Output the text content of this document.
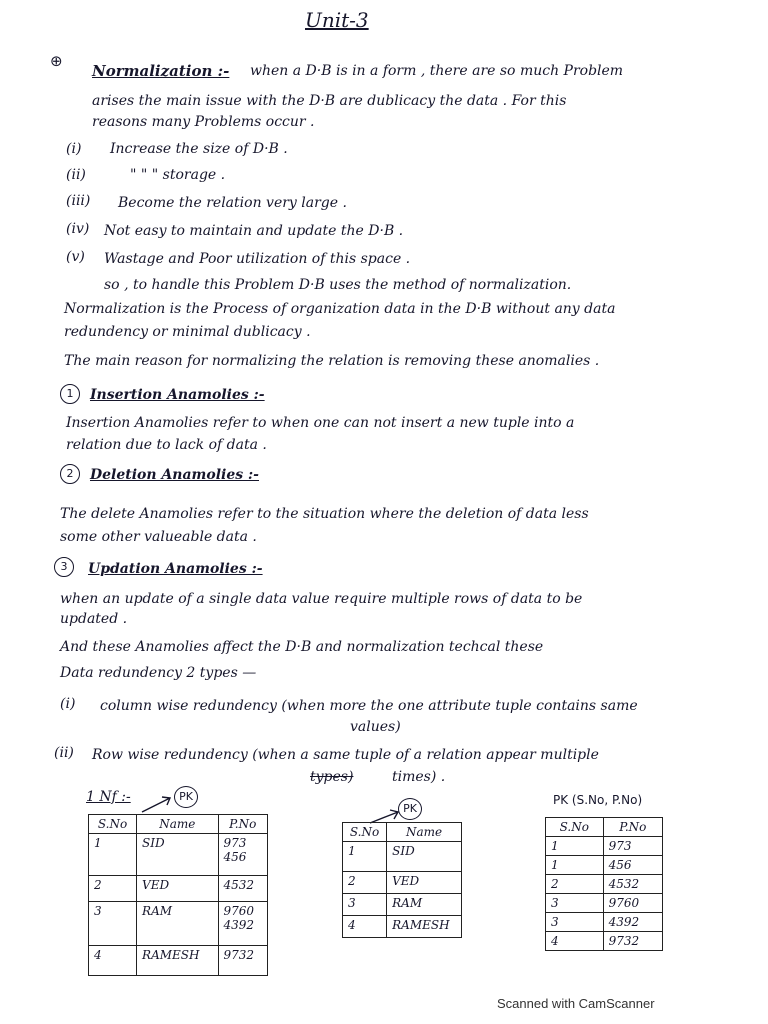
Unit-3
⊕
Normalization :- when a D·B is in a form , there are so much Problem
arises the main issue with the D·B are dublicacy the data . For this
reasons many Problems occur .
(i) Increase the size of D·B .
(ii)	" " " storage .
(iii) Become the relation very large .
(iv) Not easy to maintain and update the D·B .
(v) Wastage and Poor utilization of this space .
so , to handle this Problem D·B uses the method of normalization.
Normalization is the Process of organization data in the D·B without any data
redundency or minimal dublicacy .
The main reason for normalizing the relation is removing these anomalies .
1	Insertion Anamolies :-
Insertion Anamolies refer to when one can not insert a new tuple into a
relation due to lack of data .
2	Deletion Anamolies :-
The delete Anamolies refer to the situation where the deletion of data less
some other valueable data .
3	Updation Anamolies :-
when an update of a single data value require multiple rows of data to be
updated .
And these Anamolies affect the D·B and normalization techcal these
Data redundency 2 types —
(i) column wise redundency (when more the one attribute tuple contains same
values)
(ii) Row wise redundency (when a same tuple of a relation appear multiple
types)	times) .
1 Nf :-	PK
PK
PK (S.No, P.No)
S.No	Name	P.No
1	SID	973
456
2	VED	4532
3	RAM	9760
4392
4	RAMESH	9732
S.No	Name
1	SID
2	VED
3	RAM
4	RAMESH
S.No	P.No
1	973
1	456
2	4532
3	9760
3	4392
4	9732
Scanned with CamScanner
